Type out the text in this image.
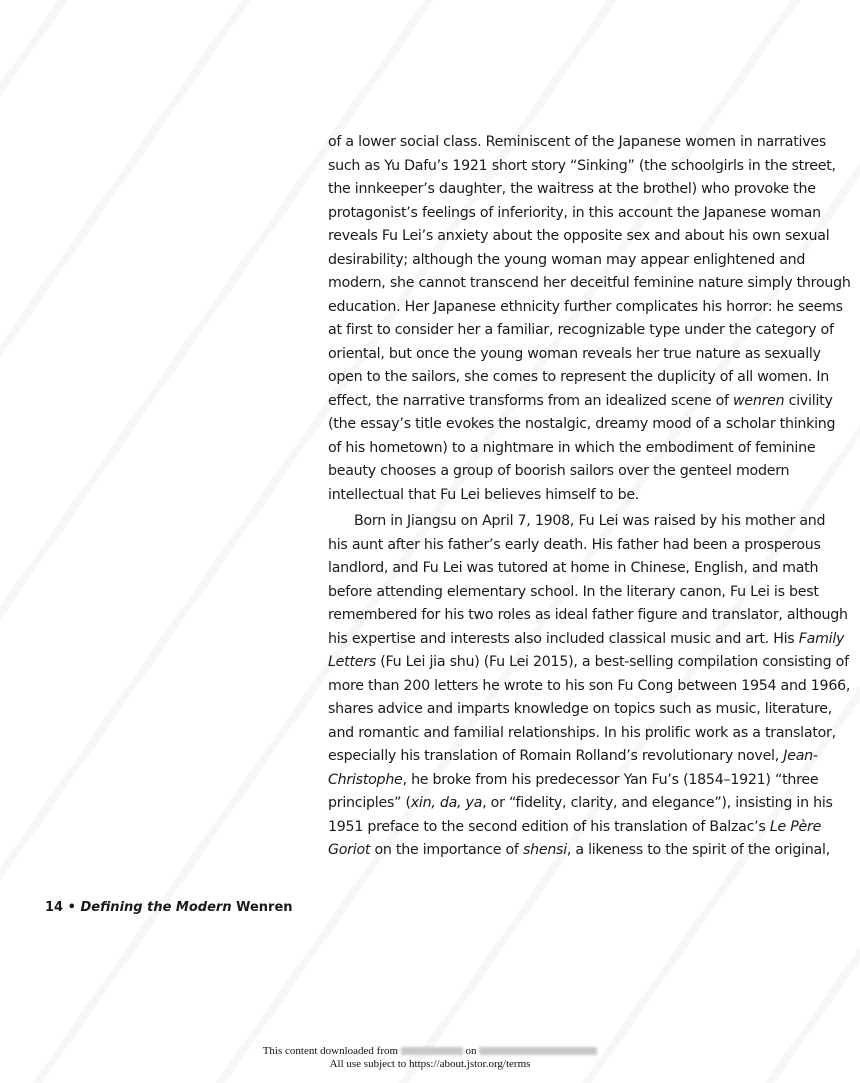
of a lower social class. Reminiscent of the Japanese women in narratives
such as Yu Dafu’s 1921 short story “Sinking” (the schoolgirls in the street,
the innkeeper’s daughter, the waitress at the brothel) who provoke the
protagonist’s feelings of inferiority, in this account the Japanese woman
reveals Fu Lei’s anxiety about the opposite sex and about his own sexual
desirability; although the young woman may appear enlightened and
modern, she cannot transcend her deceitful feminine nature simply through
education. Her Japanese ethnicity further complicates his horror: he seems
at first to consider her a familiar, recognizable type under the category of
oriental, but once the young woman reveals her true nature as sexually
open to the sailors, she comes to represent the duplicity of all women. In
effect, the narrative transforms from an idealized scene of wenren civility
(the essay’s title evokes the nostalgic, dreamy mood of a scholar thinking
of his hometown) to a nightmare in which the embodiment of feminine
beauty chooses a group of boorish sailors over the genteel modern
intellectual that Fu Lei believes himself to be.
Born in Jiangsu on April 7, 1908, Fu Lei was raised by his mother and
his aunt after his father’s early death. His father had been a prosperous
landlord, and Fu Lei was tutored at home in Chinese, English, and math
before attending elementary school. In the literary canon, Fu Lei is best
remembered for his two roles as ideal father figure and translator, although
his expertise and interests also included classical music and art. His Family
Letters (Fu Lei jia shu) (Fu Lei 2015), a best-selling compilation consisting of
more than 200 letters he wrote to his son Fu Cong between 1954 and 1966,
shares advice and imparts knowledge on topics such as music, literature,
and romantic and familial relationships. In his prolific work as a translator,
especially his translation of Romain Rolland’s revolutionary novel, Jean-
Christophe, he broke from his predecessor Yan Fu’s (1854–1921) “three
principles” (xin, da, ya, or “fidelity, clarity, and elegance”), insisting in his
1951 preface to the second edition of his translation of Balzac’s Le Père
Goriot on the importance of shensi, a likeness to the spirit of the original,
14 • Defining the Modern Wenren
This content downloaded from	on
All use subject to https://about.jstor.org/terms
